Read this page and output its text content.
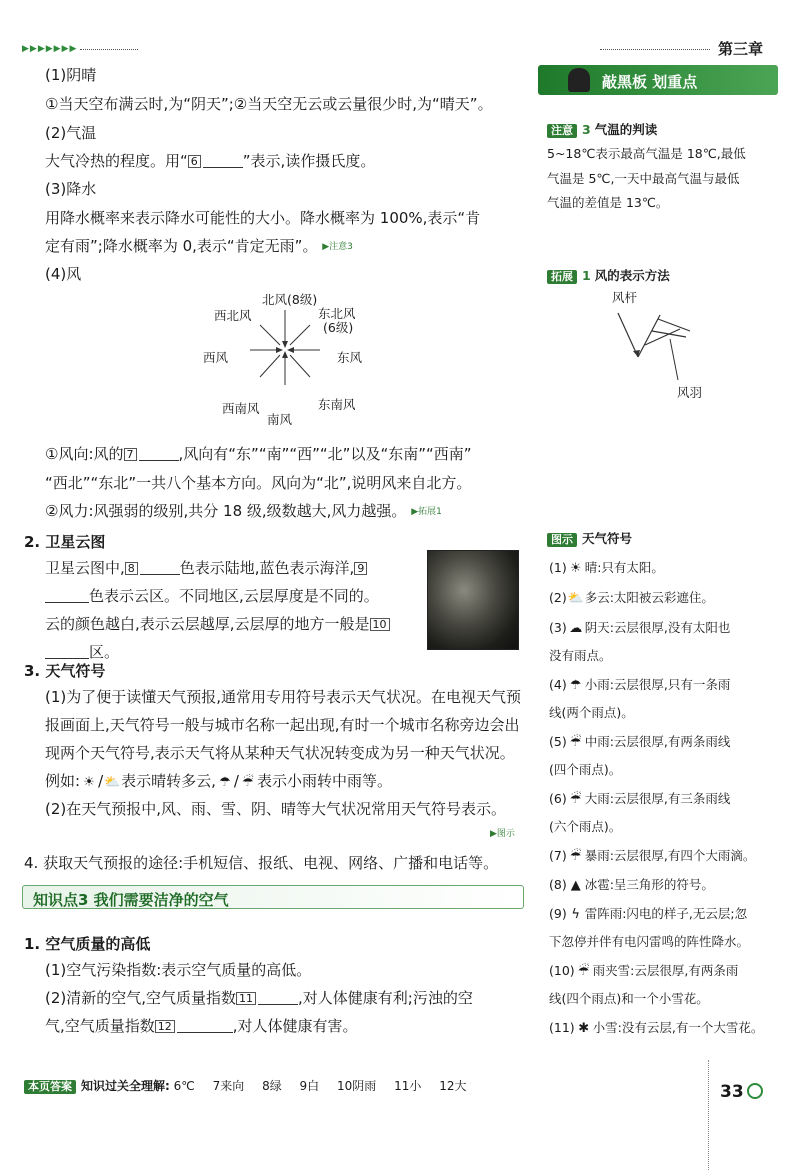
▶▶▶▶▶▶▶	第三章
(1)阴晴
①当天空布满云时,为“阴天”;②当天空无云或云量很少时,为“晴天”。
(2)气温
大气冷热的程度。用“ 6	”表示,读作摄氏度。
(3)降水
用降水概率来表示降水可能性的大小。降水概率为 100%,表示“肯
定有雨”;降水概率为 0,表示“肯定无雨”。 ▶注意3
(4)风
北风(8级)
东北风
(6级)
西北风
西风	东风
西南风
南风
东南风
①风向:风的 7	,风向有“东”“南”“西”“北”以及“东南”“西南”
“西北”“东北”一共八个基本方向。风向为“北”,说明风来自北方。
②风力:风强弱的级别,共分 18 级,级数越大,风力越强。 ▶拓展1
2. 卫星云图
卫星云图中, 8	色表示陆地,蓝色表示海洋, 9
色表示云区。不同地区,云层厚度是不同的。
云的颜色越白,表示云层越厚,云层厚的地方一般是 10
区。
3. 天气符号
(1)为了便于读懂天气预报,通常用专用符号表示天气状况。在电视天气预
报画面上,天气符号一般与城市名称一起出现,有时一个城市名称旁边会出
现两个天气符号,表示天气将从某种天气状况转变成为另一种天气状况。
例如: ☀ /⛅表示晴转多云, ☂ / ☔ 表示小雨转中雨等。
(2)在天气预报中,风、雨、雪、阴、晴等大气状况常用天气符号表示。
▶图示
4. 获取天气预报的途径:手机短信、报纸、电视、网络、广播和电话等。
知识点3 我们需要洁净的空气
1. 空气质量的高低
(1)空气污染指数:表示空气质量的高低。
(2)清新的空气,空气质量指数 11	,对人体健康有利;污浊的空
气,空气质量指数 12	,对人体健康有害。
敲黑板 划重点
注意 3 气温的判读
5~18℃表示最高气温是 18℃,最低
气温是 5℃,一天中最高气温与最低
气温的差值是 13℃。
拓展 1 风的表示方法
风杆
风羽
图示 天气符号
(1) ☀ 晴:只有太阳。
(2)⛅多云:太阳被云彩遮住。
(3) ☁ 阴天:云层很厚,没有太阳也
没有雨点。
(4) ☂ 小雨:云层很厚,只有一条雨
线(两个雨点)。
(5) ☔ 中雨:云层很厚,有两条雨线
(四个雨点)。
(6) ☔ 大雨:云层很厚,有三条雨线
(六个雨点)。
(7) ☔ 暴雨:云层很厚,有四个大雨滴。
(8) ▲ 冰雹:呈三角形的符号。
(9) ϟ 雷阵雨:闪电的样子,无云层;忽
下忽停并伴有电闪雷鸣的阵性降水。
(10) ☔ 雨夹雪:云层很厚,有两条雨
线(四个雨点)和一个小雪花。
(11) ✱ 小雪:没有云层,有一个大雪花。
本页答案 知识过关全理解: 6℃ 7来向 8绿 9白 10阴雨 11小 12大	33
